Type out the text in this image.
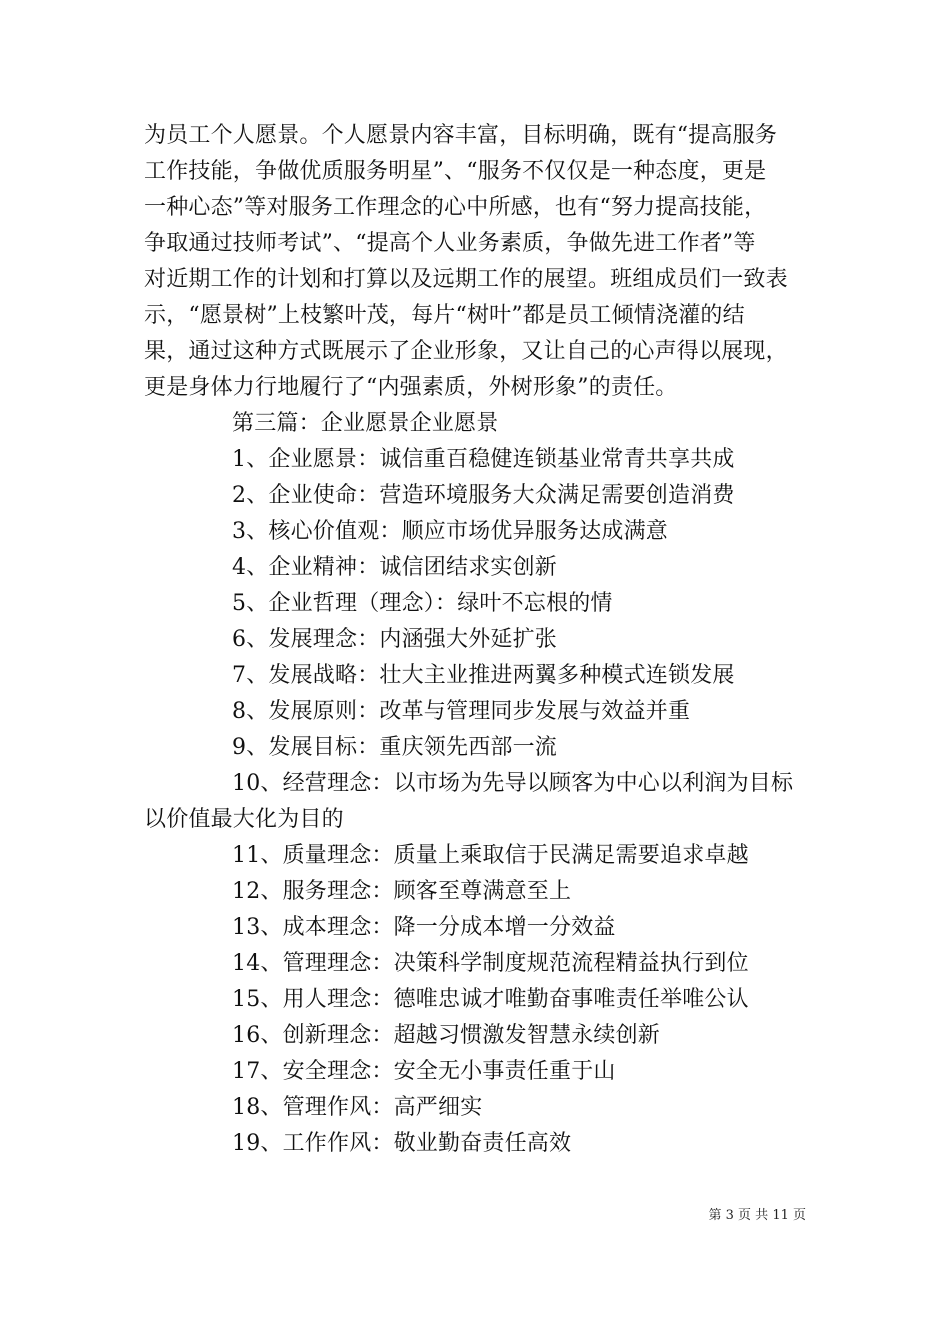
为员工个人愿景。个人愿景内容丰富，目标明确，既有“提高服务
工作技能，争做优质服务明星”、“服务不仅仅是一种态度，更是
一种心态”等对服务工作理念的心中所感，也有“努力提高技能，
争取通过技师考试”、“提高个人业务素质，争做先进工作者”等
对近期工作的计划和打算以及远期工作的展望。班组成员们一致表
示，“愿景树”上枝繁叶茂，每片“树叶”都是员工倾情浇灌的结
果，通过这种方式既展示了企业形象，又让自己的心声得以展现，
更是身体力行地履行了“内强素质，外树形象”的责任。
第三篇：企业愿景企业愿景
1、企业愿景：诚信重百稳健连锁基业常青共享共成
2、企业使命：营造环境服务大众满足需要创造消费
3、核心价值观：顺应市场优异服务达成满意
4、企业精神：诚信团结求实创新
5、企业哲理（理念）：绿叶不忘根的情
6、发展理念：内涵强大外延扩张
7、发展战略：壮大主业推进两翼多种模式连锁发展
8、发展原则：改革与管理同步发展与效益并重
9、发展目标：重庆领先西部一流
10、经营理念：以市场为先导以顾客为中心以利润为目标
以价值最大化为目的
11、质量理念：质量上乘取信于民满足需要追求卓越
12、服务理念：顾客至尊满意至上
13、成本理念：降一分成本增一分效益
14、管理理念：决策科学制度规范流程精益执行到位
15、用人理念：德唯忠诚才唯勤奋事唯责任举唯公认
16、创新理念：超越习惯激发智慧永续创新
17、安全理念：安全无小事责任重于山
18、管理作风：高严细实
19、工作作风：敬业勤奋责任高效
第 3 页 共 11 页
